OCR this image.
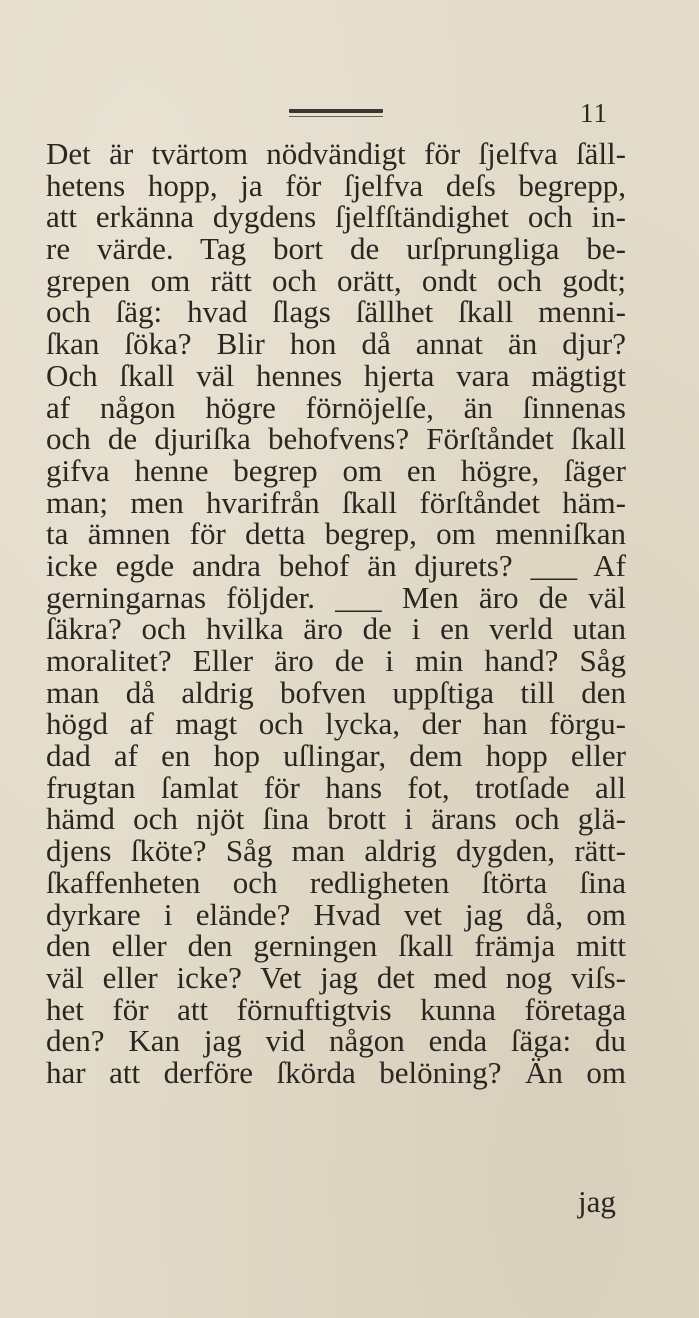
11
Det är tvärtom nödvändigt för ſjelfva ſäll-
hetens hopp, ja för ſjelfva deſs begrepp,
att erkänna dygdens ſjelfſtändighet och in-
re värde. Tag bort de urſprungliga be-
grepen om rätt och orätt, ondt och godt;
och ſäg: hvad ſlags ſällhet ſkall menni-
ſkan ſöka? Blir hon då annat än djur?
Och ſkall väl hennes hjerta vara mägtigt
af någon högre förnöjelſe, än ſinnenas
och de djuriſka behofvens? Förſtåndet ſkall
gifva henne begrep om en högre, ſäger
man; men hvarifrån ſkall förſtåndet häm-
ta ämnen för detta begrep, om menniſkan
icke egde andra behof än djurets? ___ Af
gerningarnas följder. ___ Men äro de väl
ſäkra? och hvilka äro de i en verld utan
moralitet? Eller äro de i min hand? Såg
man då aldrig bofven uppſtiga till den
högd af magt och lycka, der han förgu-
dad af en hop uſlingar, dem hopp eller
frugtan ſamlat för hans fot, trotſade all
hämd och njöt ſina brott i ärans och glä-
djens ſköte? Såg man aldrig dygden, rätt-
ſkaffenheten och redligheten ſtörta ſina
dyrkare i elände? Hvad vet jag då, om
den eller den gerningen ſkall främja mitt
väl eller icke? Vet jag det med nog viſs-
het för att förnuftigtvis kunna företaga
den? Kan jag vid någon enda ſäga: du
har att derföre ſkörda belöning? Än om
jag
